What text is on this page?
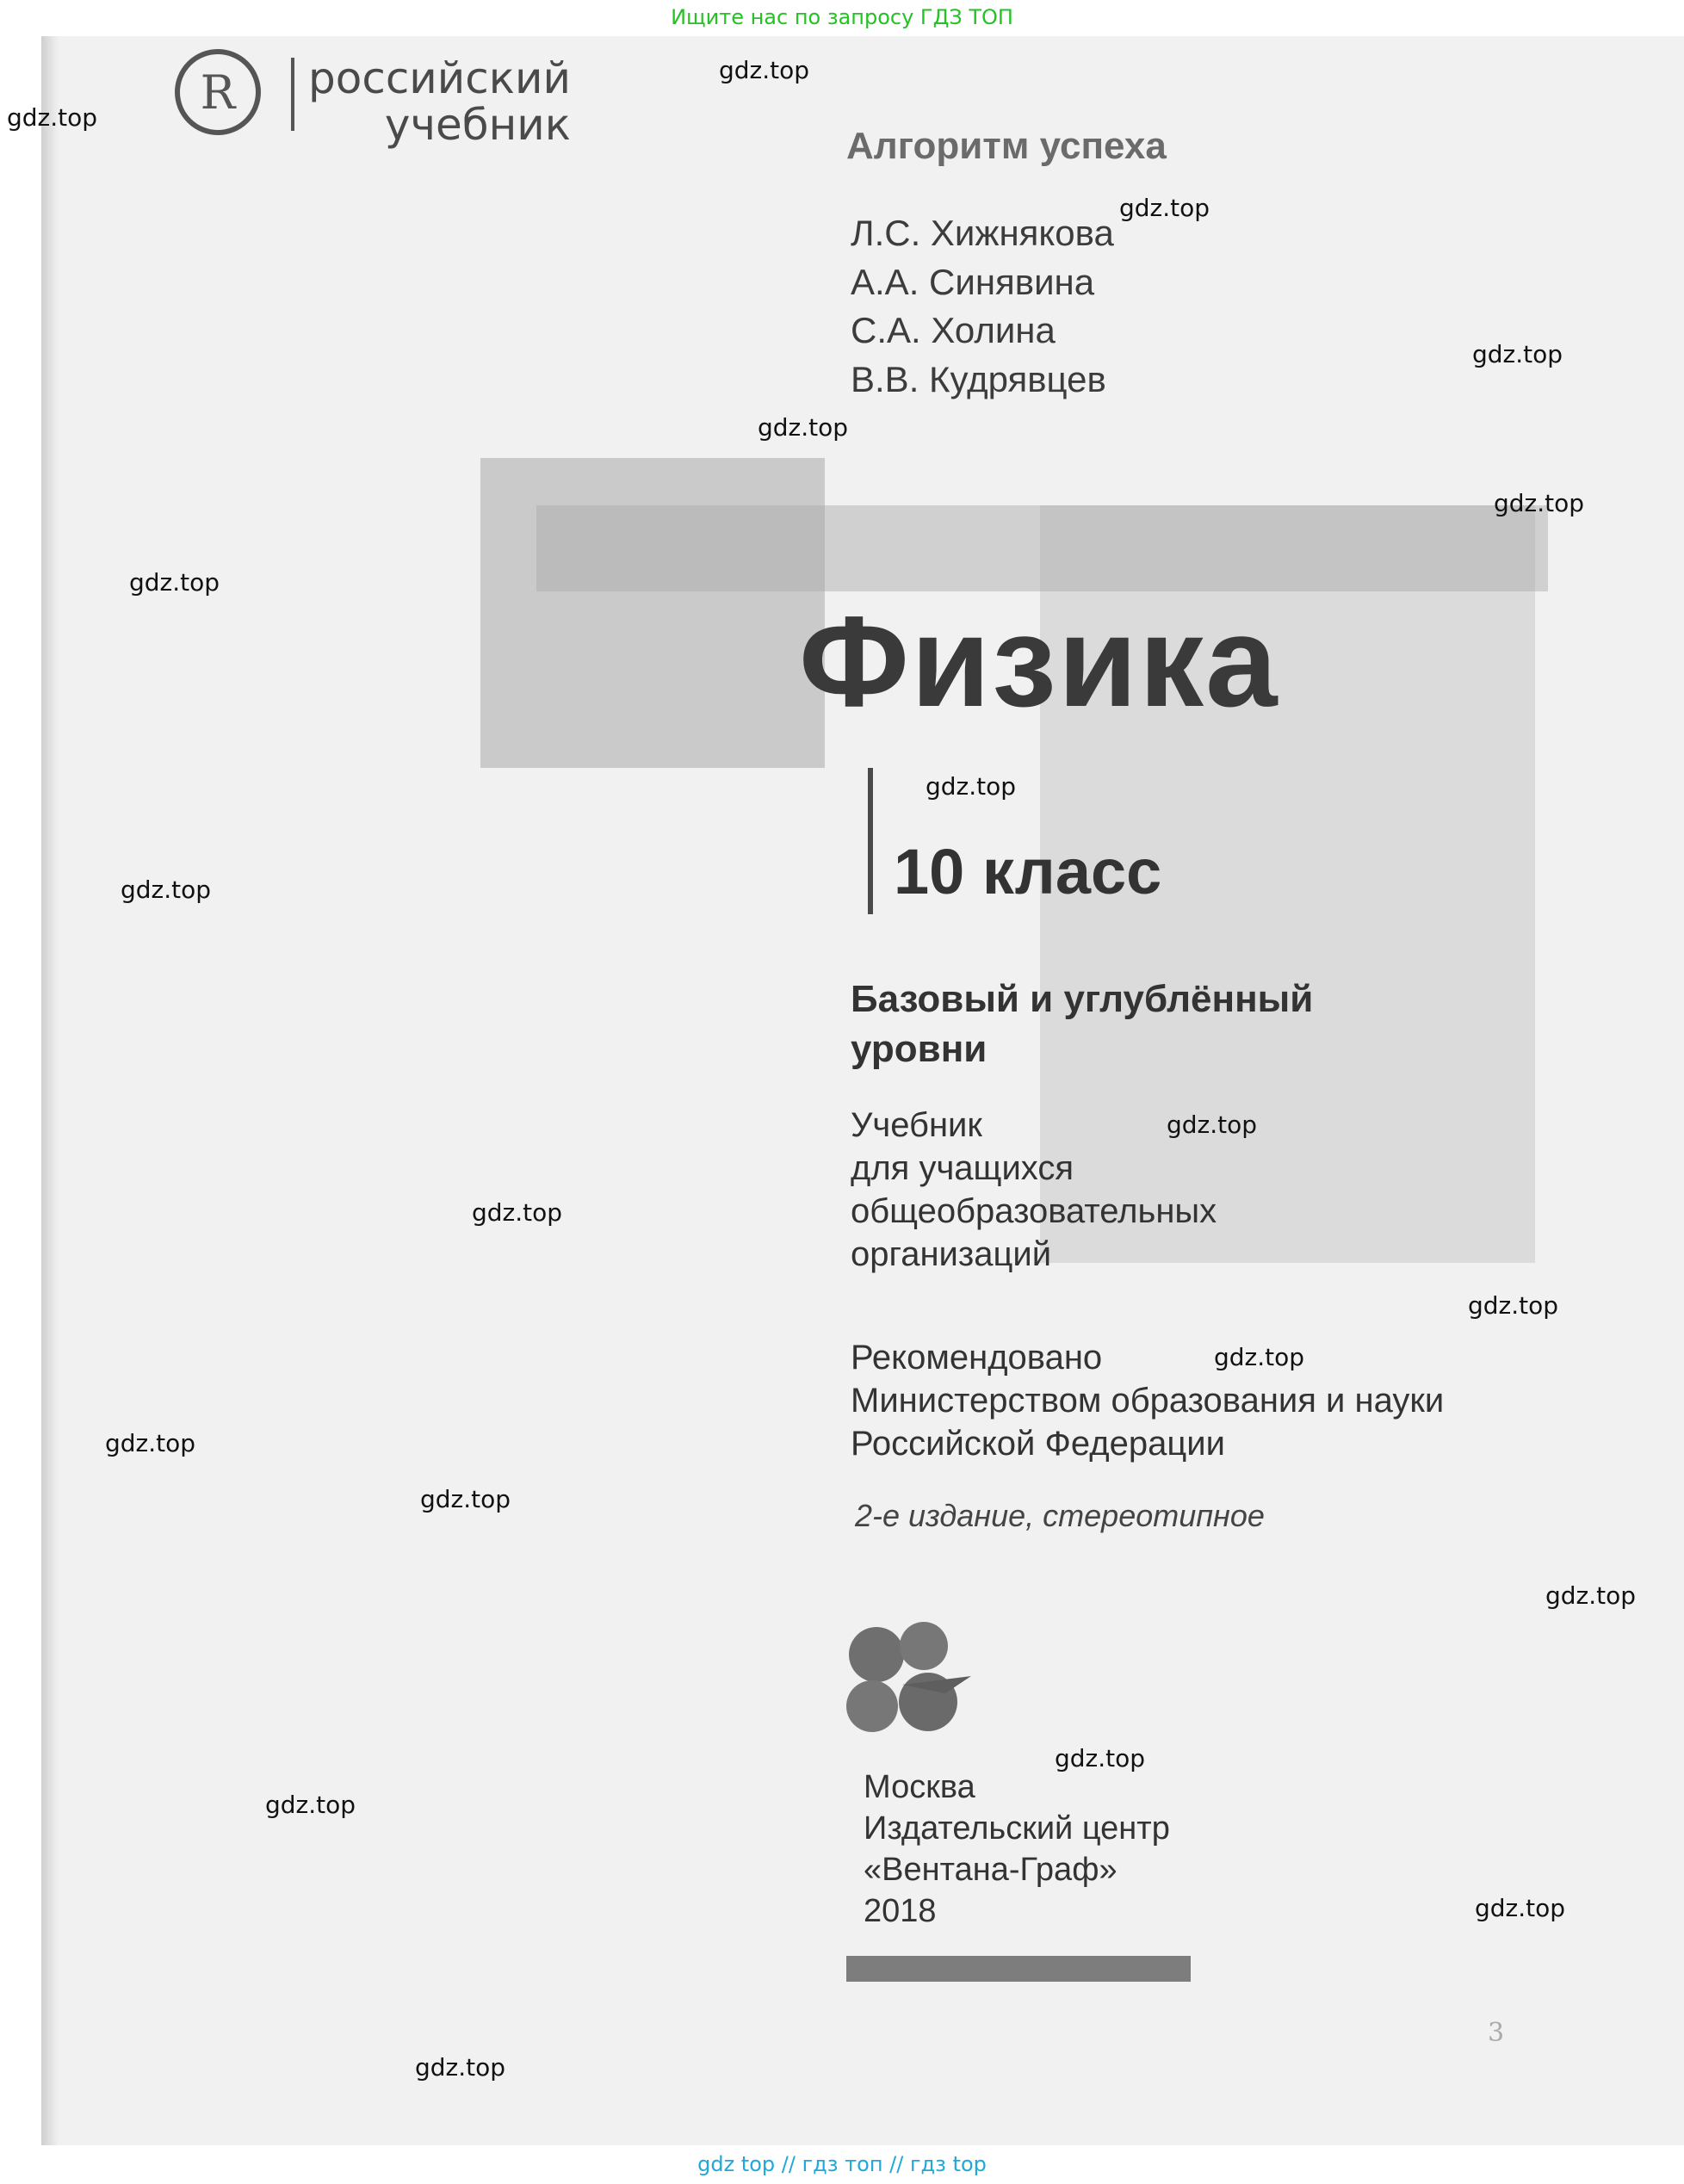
Ищите нас по запросу ГДЗ ТОП

R	российский
учебник	Алгоритм успеха
Л.С. Хижнякова
А.А. Синявина
С.А. Холина
В.В. Кудрявцев
Физика
10 класс
Базовый и углублённый
уровни
Учебник
для учащихся
общеобразовательных
организаций
Рекомендовано
Министерством образования и науки
Российской Федерации
2-е издание, стереотипное
Москва
Издательский центр
«Вентана-Граф»
2018
3
gdz.top
gdz.top
gdz.top
gdz.top
gdz.top
gdz.top
gdz.top
gdz.top
gdz.top
gdz.top
gdz.top
gdz.top
gdz.top
gdz.top
gdz.top
gdz.top
gdz.top
gdz.top
gdz.top
gdz.top
gdz top // гдз топ // гдз top
